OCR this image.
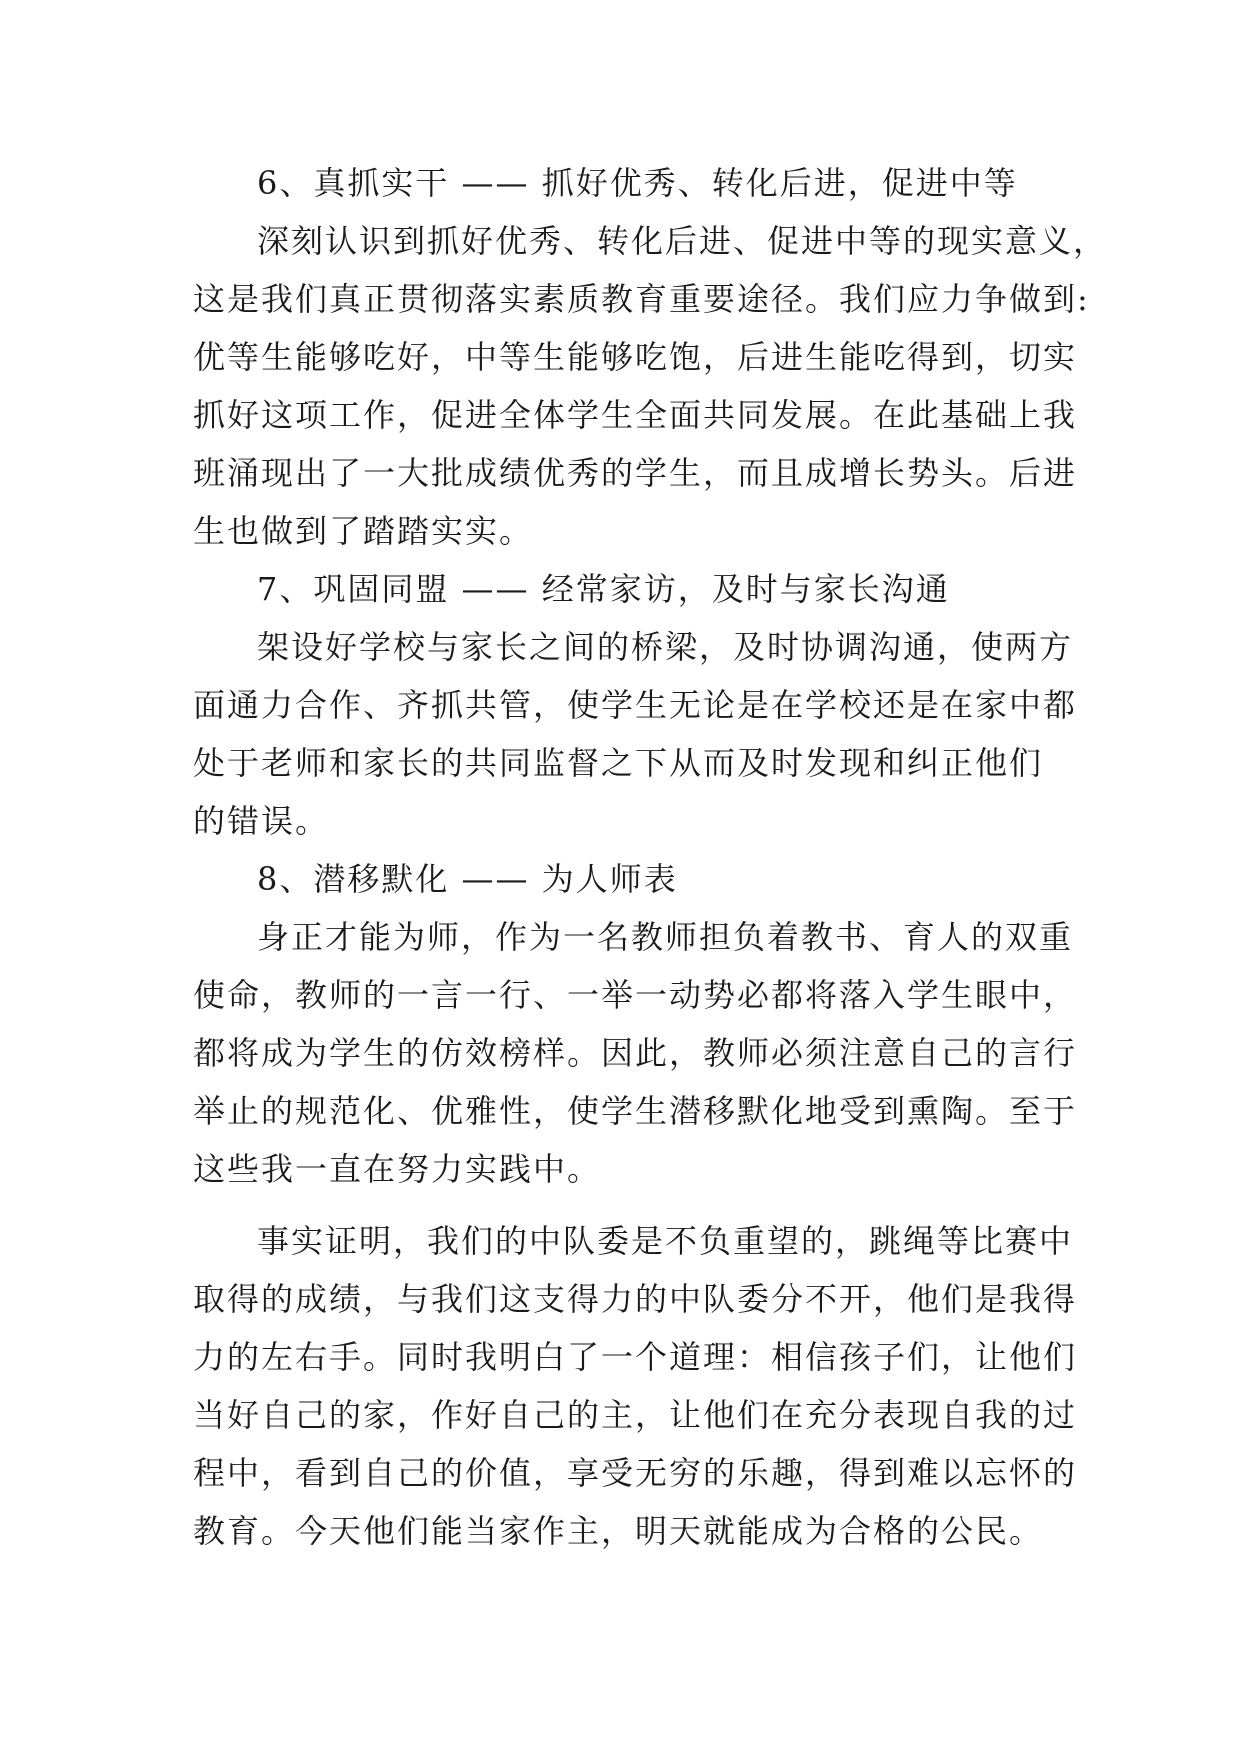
6、真抓实干 —— 抓好优秀、转化后进，促进中等
深刻认识到抓好优秀、转化后进、促进中等的现实意义，
这是我们真正贯彻落实素质教育重要途径。我们应力争做到:
优等生能够吃好，中等生能够吃饱，后进生能吃得到，切实
抓好这项工作，促进全体学生全面共同发展。在此基础上我
班涌现出了一大批成绩优秀的学生，而且成增长势头。后进
生也做到了踏踏实实。
7、巩固同盟 —— 经常家访，及时与家长沟通
架设好学校与家长之间的桥梁，及时协调沟通，使两方
面通力合作、齐抓共管，使学生无论是在学校还是在家中都
处于老师和家长的共同监督之下从而及时发现和纠正他们
的错误。
8、潜移默化 —— 为人师表
身正才能为师，作为一名教师担负着教书、育人的双重
使命，教师的一言一行、一举一动势必都将落入学生眼中，
都将成为学生的仿效榜样。因此，教师必须注意自己的言行
举止的规范化、优雅性，使学生潜移默化地受到熏陶。至于
这些我一直在努力实践中。
事实证明，我们的中队委是不负重望的，跳绳等比赛中
取得的成绩，与我们这支得力的中队委分不开，他们是我得
力的左右手。同时我明白了一个道理：相信孩子们，让他们
当好自己的家，作好自己的主，让他们在充分表现自我的过
程中，看到自己的价值，享受无穷的乐趣，得到难以忘怀的
教育。今天他们能当家作主，明天就能成为合格的公民。
